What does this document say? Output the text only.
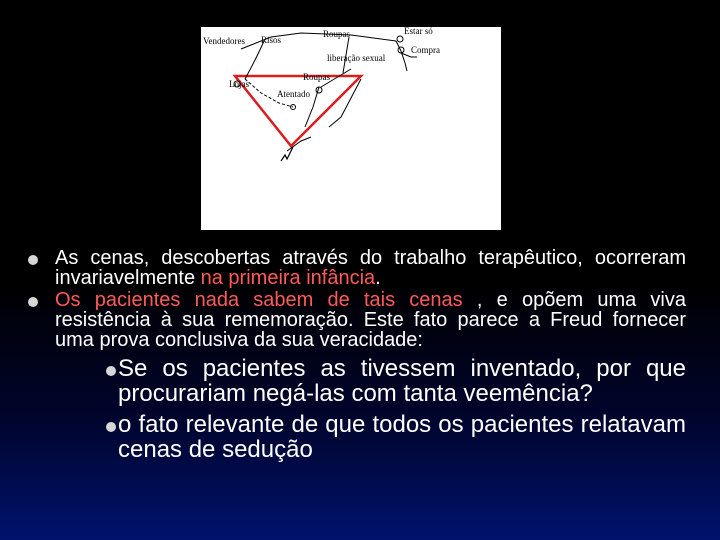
Vendedores Risos
Roupas	Estar só
Compra
liberação sexual
Roupas
Lojas
Atentado
As cenas, descobertas através do trabalho terapêutico, ocorreram invariavelmente na primeira infância.
Os pacientes nada sabem de tais cenas , e opõem uma viva resistência à sua rememoração. Este fato parece a Freud fornecer uma prova conclusiva da sua veracidade:
Se os pacientes as tivessem inventado, por que procurariam negá-las com tanta veemência?
o fato relevante de que todos os pacientes relatavam cenas de sedução
